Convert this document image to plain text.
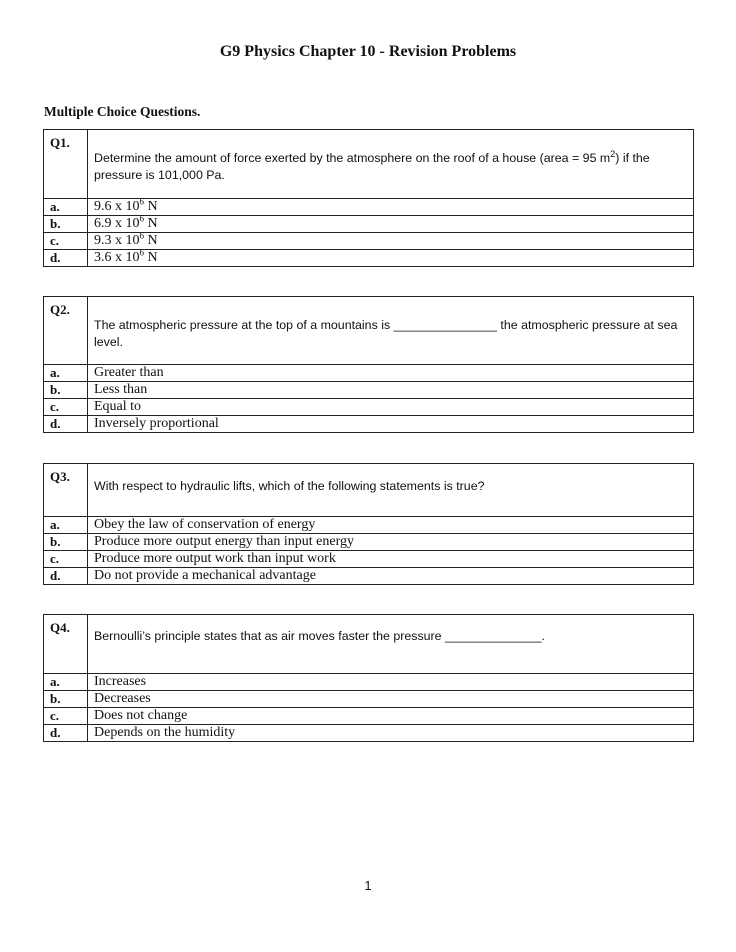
G9 Physics Chapter 10 - Revision Problems
Multiple Choice Questions.
Q1.	Determine the amount of force exerted by the atmosphere on the roof of a house (area = 95 $m^2$) if the pressure is 101,000 Pa.
a.	9.6 x $10^6$ N
b.	6.9 x $10^6$ N
c.	9.3 x $10^6$ N
d.	3.6 x $10^6$ N
Q2.	The atmospheric pressure at the top of a mountains is _______________ the atmospheric pressure at sea level.
a.	Greater than
b.	Less than
c.	Equal to
d.	Inversely proportional
Q3.	With respect to hydraulic lifts, which of the following statements is true?
a.	Obey the law of conservation of energy
b.	Produce more output energy than input energy
c.	Produce more output work than input work
d.	Do not provide a mechanical advantage
Q4.	Bernoulli’s principle states that as air moves faster the pressure ______________.
a.	Increases
b.	Decreases
c.	Does not change
d.	Depends on the humidity
1
